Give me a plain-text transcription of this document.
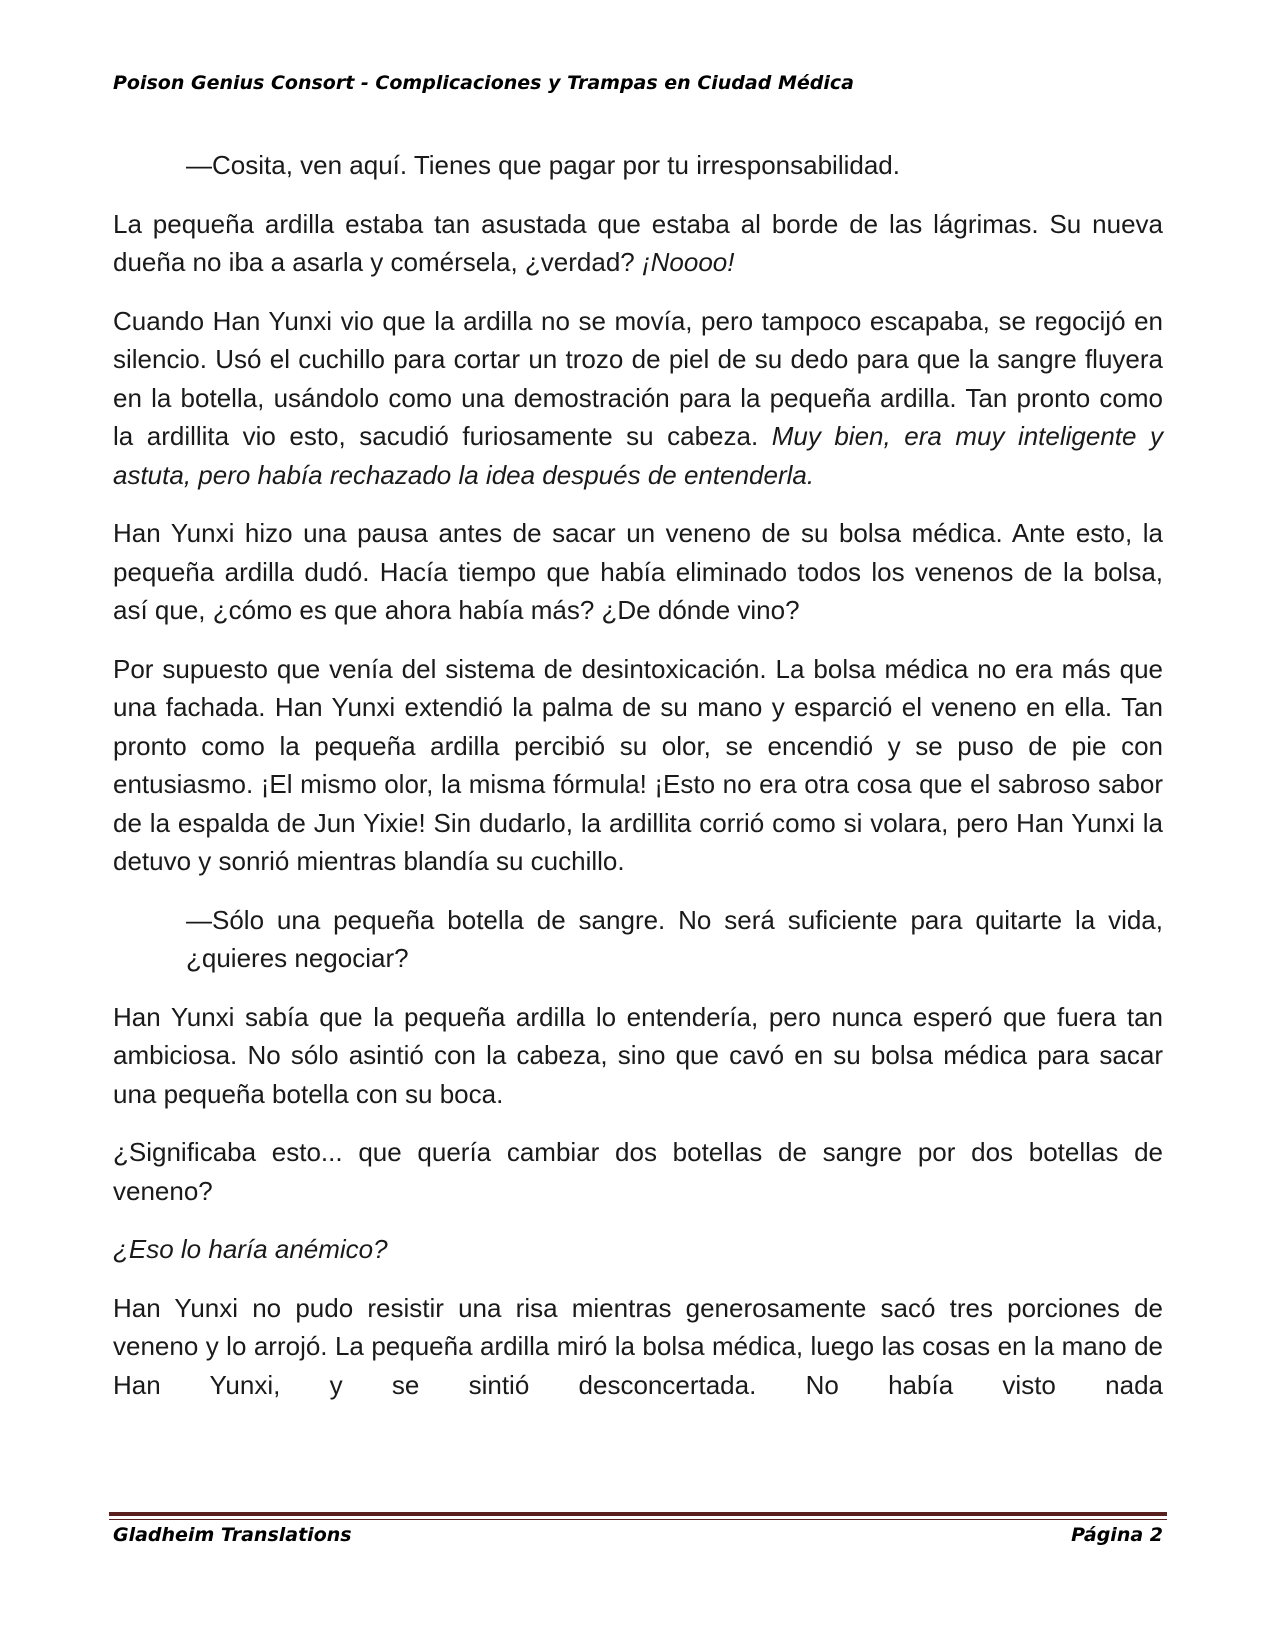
Poison Genius Consort - Complicaciones y Trampas en Ciudad Médica

—Cosita, ven aquí. Tienes que pagar por tu irresponsabilidad.

La pequeña ardilla estaba tan asustada que estaba al borde de las lágrimas. Su nueva dueña no iba a asarla y comérsela, ¿verdad? ¡Noooo!

Cuando Han Yunxi vio que la ardilla no se movía, pero tampoco escapaba, se regocijó en silencio. Usó el cuchillo para cortar un trozo de piel de su dedo para que la sangre fluyera en la botella, usándolo como una demostración para la pequeña ardilla. Tan pronto como la ardillita vio esto, sacudió furiosamente su cabeza. Muy bien, era muy inteligente y astuta, pero había rechazado la idea después de entenderla.

Han Yunxi hizo una pausa antes de sacar un veneno de su bolsa médica. Ante esto, la pequeña ardilla dudó. Hacía tiempo que había eliminado todos los venenos de la bolsa, así que, ¿cómo es que ahora había más? ¿De dónde vino?

Por supuesto que venía del sistema de desintoxicación. La bolsa médica no era más que una fachada. Han Yunxi extendió la palma de su mano y esparció el veneno en ella. Tan pronto como la pequeña ardilla percibió su olor, se encendió y se puso de pie con entusiasmo. ¡El mismo olor, la misma fórmula! ¡Esto no era otra cosa que el sabroso sabor de la espalda de Jun Yixie! Sin dudarlo, la ardillita corrió como si volara, pero Han Yunxi la detuvo y sonrió mientras blandía su cuchillo.

—Sólo una pequeña botella de sangre. No será suficiente para quitarte la vida, ¿quieres negociar?

Han Yunxi sabía que la pequeña ardilla lo entendería, pero nunca esperó que fuera tan ambiciosa. No sólo asintió con la cabeza, sino que cavó en su bolsa médica para sacar una pequeña botella con su boca.

¿Significaba esto... que quería cambiar dos botellas de sangre por dos botellas de veneno?

¿Eso lo haría anémico?

Han Yunxi no pudo resistir una risa mientras generosamente sacó tres porciones de veneno y lo arrojó. La pequeña ardilla miró la bolsa médica, luego las cosas en la mano de Han Yunxi, y se sintió desconcertada. No había visto nada

Gladheim Translations	Página 2
